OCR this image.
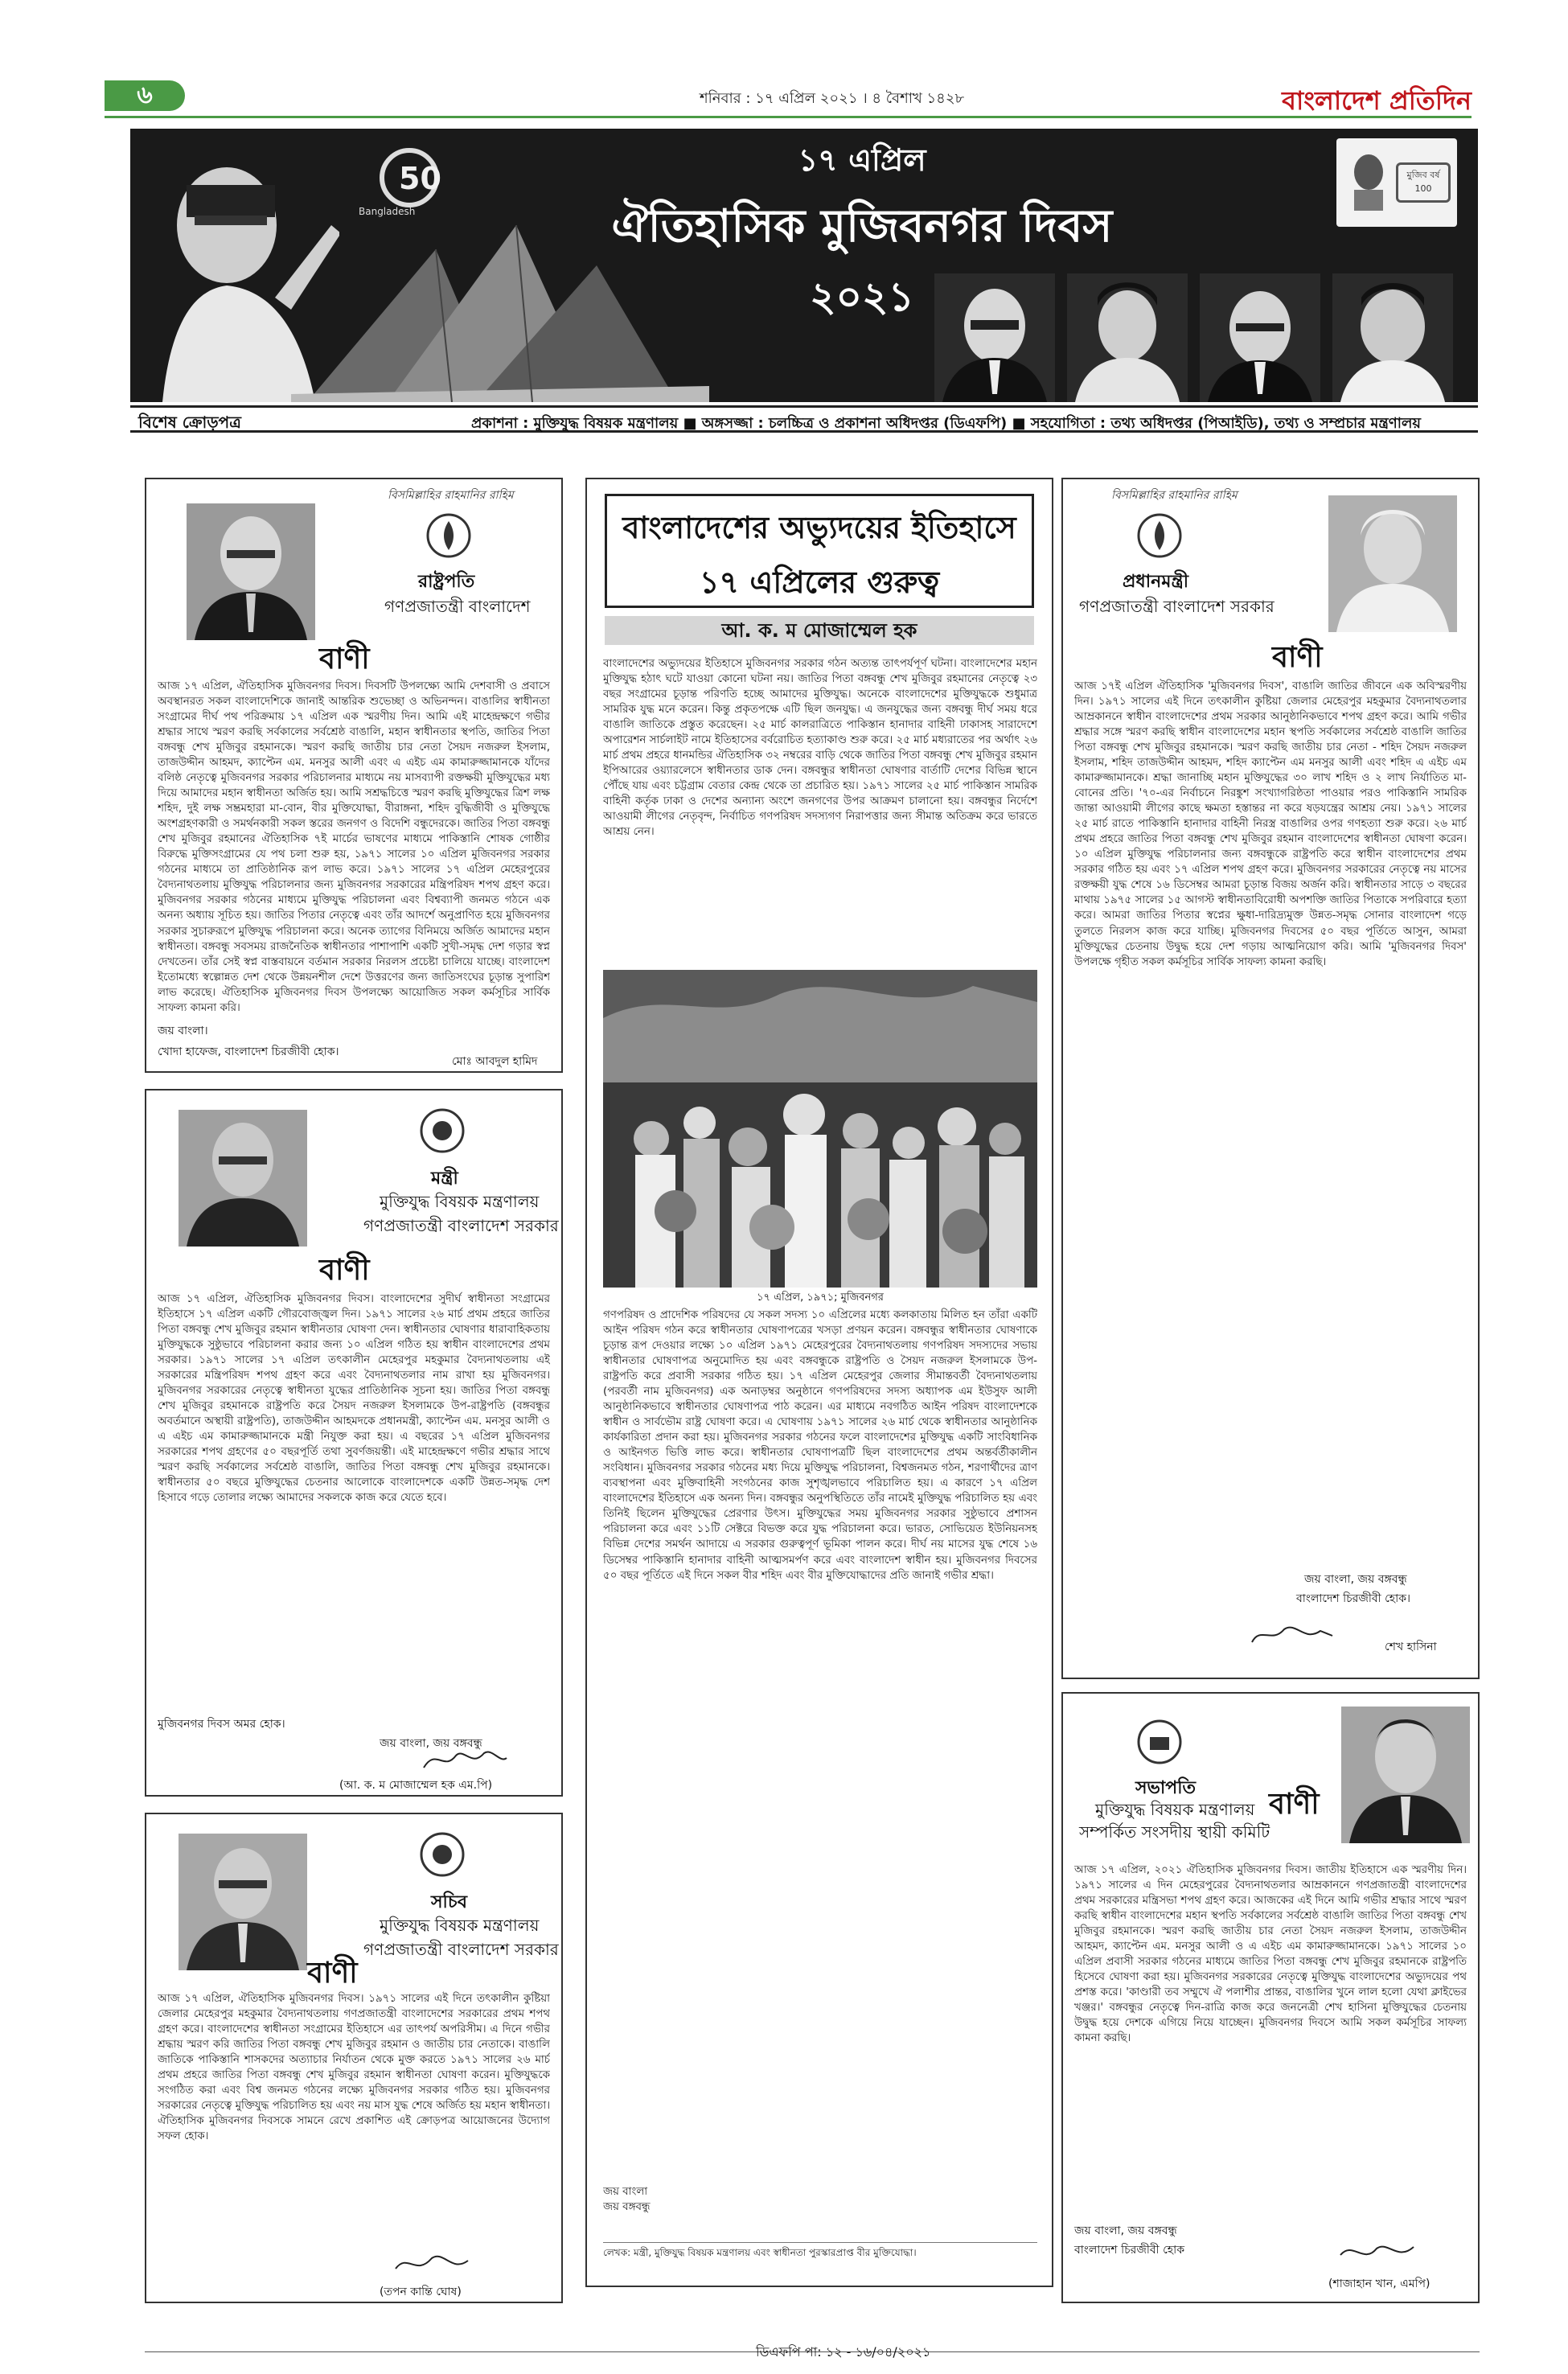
৬	শনিবার : ১৭ এপ্রিল ২০২১ । ৪ বৈশাখ ১৪২৮	বাংলাদেশ প্রতিদিন
50
Bangladesh
১৭ এপ্রিল
ঐতিহাসিক মুজিবনগর দিবস
২০২১
মুজিব বর্ষ 100
বিশেষ ক্রোড়পত্র	প্রকাশনা : মুক্তিযুদ্ধ বিষয়ক মন্ত্রণালয় ■ অঙ্গসজ্জা : চলচ্চিত্র ও প্রকাশনা অধিদপ্তর (ডিএফপি) ■ সহযোগিতা : তথ্য অধিদপ্তর (পিআইডি), তথ্য ও সম্প্রচার মন্ত্রণালয়
বিসমিল্লাহির রাহমানির রাহিম
রাষ্ট্রপতি
গণপ্রজাতন্ত্রী বাংলাদেশ
বাণী
আজ ১৭ এপ্রিল, ঐতিহাসিক মুজিবনগর দিবস। দিবসটি উপলক্ষ্যে আমি দেশবাসী ও প্রবাসে অবস্থানরত সকল বাংলাদেশিকে জানাই আন্তরিক শুভেচ্ছা ও অভিনন্দন। বাঙালির স্বাধীনতা সংগ্রামের দীর্ঘ পথ পরিক্রমায় ১৭ এপ্রিল এক স্মরণীয় দিন। আমি এই মাহেন্দ্রক্ষণে গভীর শ্রদ্ধার সাথে স্মরণ করছি সর্বকালের সর্বশ্রেষ্ঠ বাঙালি, মহান স্বাধীনতার স্থপতি, জাতির পিতা বঙ্গবন্ধু শেখ মুজিবুর রহমানকে। স্মরণ করছি জাতীয় চার নেতা সৈয়দ নজরুল ইসলাম, তাজউদ্দীন আহমদ, ক্যাপ্টেন এম. মনসুর আলী এবং এ এইচ এম কামারুজ্জামানকে যাঁদের বলিষ্ঠ নেতৃত্বে মুজিবনগর সরকার পরিচালনার মাধ্যমে নয় মাসব্যাপী রক্তক্ষয়ী মুক্তিযুদ্ধের মধ্য দিয়ে আমাদের মহান স্বাধীনতা অর্জিত হয়। আমি সশ্রদ্ধচিত্তে স্মরণ করছি মুক্তিযুদ্ধের ত্রিশ লক্ষ শহিদ, দুই লক্ষ সম্ভ্রমহারা মা-বোন, বীর মুক্তিযোদ্ধা, বীরাঙ্গনা, শহিদ বুদ্ধিজীবী ও মুক্তিযুদ্ধে অংশগ্রহণকারী ও সমর্থনকারী সকল স্তরের জনগণ ও বিদেশি বন্ধুদেরকে। জাতির পিতা বঙ্গবন্ধু শেখ মুজিবুর রহমানের ঐতিহাসিক ৭ই মার্চের ভাষণের মাধ্যমে পাকিস্তানি শোষক গোষ্ঠীর বিরুদ্ধে মুক্তিসংগ্রামের যে পথ চলা শুরু হয়, ১৯৭১ সালের ১০ এপ্রিল মুজিবনগর সরকার গঠনের মাধ্যমে তা প্রাতিষ্ঠানিক রূপ লাভ করে। ১৯৭১ সালের ১৭ এপ্রিল মেহেরপুরের বৈদ্যনাথতলায় মুক্তিযুদ্ধ পরিচালনার জন্য মুজিবনগর সরকারের মন্ত্রিপরিষদ শপথ গ্রহণ করে। মুজিবনগর সরকার গঠনের মাধ্যমে মুক্তিযুদ্ধ পরিচালনা এবং বিশ্বব্যাপী জনমত গঠনে এক অনন্য অধ্যায় সূচিত হয়। জাতির পিতার নেতৃত্বে এবং তাঁর আদর্শে অনুপ্রাণিত হয়ে মুজিবনগর সরকার সুচারুরূপে মুক্তিযুদ্ধ পরিচালনা করে। অনেক ত্যাগের বিনিময়ে অর্জিত আমাদের মহান স্বাধীনতা। বঙ্গবন্ধু সবসময় রাজনৈতিক স্বাধীনতার পাশাপাশি একটি সুখী-সমৃদ্ধ দেশ গড়ার স্বপ্ন দেখতেন। তাঁর সেই স্বপ্ন বাস্তবায়নে বর্তমান সরকার নিরলস প্রচেষ্টা চালিয়ে যাচ্ছে। বাংলাদেশ ইতোমধ্যে স্বল্পোন্নত দেশ থেকে উন্নয়নশীল দেশে উত্তরণের জন্য জাতিসংঘের চূড়ান্ত সুপারিশ লাভ করেছে। ঐতিহাসিক মুজিবনগর দিবস উপলক্ষ্যে আয়োজিত সকল কর্মসূচির সার্বিক সাফল্য কামনা করি।
জয় বাংলা।
খোদা হাফেজ, বাংলাদেশ চিরজীবী হোক।
মোঃ আবদুল হামিদ
মন্ত্রী
মুক্তিযুদ্ধ বিষয়ক মন্ত্রণালয়
গণপ্রজাতন্ত্রী বাংলাদেশ সরকার
বাণী
আজ ১৭ এপ্রিল, ঐতিহাসিক মুজিবনগর দিবস। বাংলাদেশের সুদীর্ঘ স্বাধীনতা সংগ্রামের ইতিহাসে ১৭ এপ্রিল একটি গৌরবোজ্জ্বল দিন। ১৯৭১ সালের ২৬ মার্চ প্রথম প্রহরে জাতির পিতা বঙ্গবন্ধু শেখ মুজিবুর রহমান স্বাধীনতার ঘোষণা দেন। স্বাধীনতার ঘোষণার ধারাবাহিকতায় মুক্তিযুদ্ধকে সুষ্ঠুভাবে পরিচালনা করার জন্য ১০ এপ্রিল গঠিত হয় স্বাধীন বাংলাদেশের প্রথম সরকার। ১৯৭১ সালের ১৭ এপ্রিল তৎকালীন মেহেরপুর মহকুমার বৈদ্যনাথতলায় এই সরকারের মন্ত্রিপরিষদ শপথ গ্রহণ করে এবং বৈদ্যনাথতলার নাম রাখা হয় মুজিবনগর। মুজিবনগর সরকারের নেতৃত্বে স্বাধীনতা যুদ্ধের প্রাতিষ্ঠানিক সূচনা হয়। জাতির পিতা বঙ্গবন্ধু শেখ মুজিবুর রহমানকে রাষ্ট্রপতি করে সৈয়দ নজরুল ইসলামকে উপ-রাষ্ট্রপতি (বঙ্গবন্ধুর অবর্তমানে অস্থায়ী রাষ্ট্রপতি), তাজউদ্দীন আহমদকে প্রধানমন্ত্রী, ক্যাপ্টেন এম. মনসুর আলী ও এ এইচ এম কামারুজ্জামানকে মন্ত্রী নিযুক্ত করা হয়। এ বছরের ১৭ এপ্রিল মুজিবনগর সরকারের শপথ গ্রহণের ৫০ বছরপূর্তি তথা সুবর্ণজয়ন্তী। এই মাহেন্দ্রক্ষণে গভীর শ্রদ্ধার সাথে স্মরণ করছি সর্বকালের সর্বশ্রেষ্ঠ বাঙালি, জাতির পিতা বঙ্গবন্ধু শেখ মুজিবুর রহমানকে। স্বাধীনতার ৫০ বছরে মুক্তিযুদ্ধের চেতনার আলোকে বাংলাদেশকে একটি উন্নত-সমৃদ্ধ দেশ হিসাবে গড়ে তোলার লক্ষ্যে আমাদের সকলকে কাজ করে যেতে হবে।
মুজিবনগর দিবস অমর হোক।
জয় বাংলা, জয় বঙ্গবন্ধু
(আ. ক. ম মোজাম্মেল হক এম.পি)
সচিব
মুক্তিযুদ্ধ বিষয়ক মন্ত্রণালয়
গণপ্রজাতন্ত্রী বাংলাদেশ সরকার
বাণী
আজ ১৭ এপ্রিল, ঐতিহাসিক মুজিবনগর দিবস। ১৯৭১ সালের এই দিনে তৎকালীন কুষ্টিয়া জেলার মেহেরপুর মহকুমার বৈদ্যনাথতলায় গণপ্রজাতন্ত্রী বাংলাদেশের সরকারের প্রথম শপথ গ্রহণ করে। বাংলাদেশের স্বাধীনতা সংগ্রামের ইতিহাসে এর তাৎপর্য অপরিসীম। এ দিনে গভীর শ্রদ্ধায় স্মরণ করি জাতির পিতা বঙ্গবন্ধু শেখ মুজিবুর রহমান ও জাতীয় চার নেতাকে। বাঙালি জাতিকে পাকিস্তানি শাসকদের অত্যাচার নির্যাতন থেকে মুক্ত করতে ১৯৭১ সালের ২৬ মার্চ প্রথম প্রহরে জাতির পিতা বঙ্গবন্ধু শেখ মুজিবুর রহমান স্বাধীনতা ঘোষণা করেন। মুক্তিযুদ্ধকে সংগঠিত করা এবং বিশ্ব জনমত গঠনের লক্ষ্যে মুজিবনগর সরকার গঠিত হয়। মুজিবনগর সরকারের নেতৃত্বে মুক্তিযুদ্ধ পরিচালিত হয় এবং নয় মাস যুদ্ধ শেষে অর্জিত হয় মহান স্বাধীনতা। ঐতিহাসিক মুজিবনগর দিবসকে সামনে রেখে প্রকাশিত এই ক্রোড়পত্র আয়োজনের উদ্যোগ সফল হোক।
(তপন কান্তি ঘোষ)
বাংলাদেশের অভ্যুদয়ের ইতিহাসে
১৭ এপ্রিলের গুরুত্ব
আ. ক. ম মোজাম্মেল হক
বাংলাদেশের অভ্যুদয়ের ইতিহাসে মুজিবনগর সরকার গঠন অত্যন্ত তাৎপর্যপূর্ণ ঘটনা। বাংলাদেশের মহান মুক্তিযুদ্ধ হঠাৎ ঘটে যাওয়া কোনো ঘটনা নয়। জাতির পিতা বঙ্গবন্ধু শেখ মুজিবুর রহমানের নেতৃত্বে ২৩ বছর সংগ্রামের চূড়ান্ত পরিণতি হচ্ছে আমাদের মুক্তিযুদ্ধ। অনেকে বাংলাদেশের মুক্তিযুদ্ধকে শুধুমাত্র সামরিক যুদ্ধ মনে করেন। কিন্তু প্রকৃতপক্ষে এটি ছিল জনযুদ্ধ। এ জনযুদ্ধের জন্য বঙ্গবন্ধু দীর্ঘ সময় ধরে বাঙালি জাতিকে প্রস্তুত করেছেন। ২৫ মার্চ কালরাত্রিতে পাকিস্তান হানাদার বাহিনী ঢাকাসহ সারাদেশে অপারেশন সার্চলাইট নামে ইতিহাসের বর্বরোচিত হত্যাকাণ্ড শুরু করে। ২৫ মার্চ মধ্যরাতের পর অর্থাৎ ২৬ মার্চ প্রথম প্রহরে ধানমন্ডির ঐতিহাসিক ৩২ নম্বরের বাড়ি থেকে জাতির পিতা বঙ্গবন্ধু শেখ মুজিবুর রহমান ইপিআরের ওয়্যারলেসে স্বাধীনতার ডাক দেন। বঙ্গবন্ধুর স্বাধীনতা ঘোষণার বার্তাটি দেশের বিভিন্ন স্থানে পৌঁছে যায় এবং চট্টগ্রাম বেতার কেন্দ্র থেকে তা প্রচারিত হয়। ১৯৭১ সালের ২৫ মার্চ পাকিস্তান সামরিক বাহিনী কর্তৃক ঢাকা ও দেশের অন্যান্য অংশে জনগণের উপর আক্রমণ চালানো হয়। বঙ্গবন্ধুর নির্দেশে আওয়ামী লীগের নেতৃবৃন্দ, নির্বাচিত গণপরিষদ সদস্যগণ নিরাপত্তার জন্য সীমান্ত অতিক্রম করে ভারতে আশ্রয় নেন।
১৭ এপ্রিল, ১৯৭১; মুজিবনগর
গণপরিষদ ও প্রাদেশিক পরিষদের যে সকল সদস্য ১০ এপ্রিলের মধ্যে কলকাতায় মিলিত হন তাঁরা একটি আইন পরিষদ গঠন করে স্বাধীনতার ঘোষণাপত্রের খসড়া প্রণয়ন করেন। বঙ্গবন্ধুর স্বাধীনতার ঘোষণাকে চূড়ান্ত রূপ দেওয়ার লক্ষ্যে ১০ এপ্রিল ১৯৭১ মেহেরপুরের বৈদ্যনাথতলায় গণপরিষদ সদস্যদের সভায় স্বাধীনতার ঘোষণাপত্র অনুমোদিত হয় এবং বঙ্গবন্ধুকে রাষ্ট্রপতি ও সৈয়দ নজরুল ইসলামকে উপ-রাষ্ট্রপতি করে প্রবাসী সরকার গঠিত হয়। ১৭ এপ্রিল মেহেরপুর জেলার সীমান্তবর্তী বৈদ্যনাথতলায় (পরবর্তী নাম মুজিবনগর) এক অনাড়ম্বর অনুষ্ঠানে গণপরিষদের সদস্য অধ্যাপক এম ইউসুফ আলী আনুষ্ঠানিকভাবে স্বাধীনতার ঘোষণাপত্র পাঠ করেন। এর মাধ্যমে নবগঠিত আইন পরিষদ বাংলাদেশকে স্বাধীন ও সার্বভৌম রাষ্ট্র ঘোষণা করে। এ ঘোষণায় ১৯৭১ সালের ২৬ মার্চ থেকে স্বাধীনতার আনুষ্ঠানিক কার্যকারিতা প্রদান করা হয়। মুজিবনগর সরকার গঠনের ফলে বাংলাদেশের মুক্তিযুদ্ধ একটি সাংবিধানিক ও আইনগত ভিত্তি লাভ করে। স্বাধীনতার ঘোষণাপত্রটি ছিল বাংলাদেশের প্রথম অন্তর্বর্তীকালীন সংবিধান। মুজিবনগর সরকার গঠনের মধ্য দিয়ে মুক্তিযুদ্ধ পরিচালনা, বিশ্বজনমত গঠন, শরণার্থীদের ত্রাণ ব্যবস্থাপনা এবং মুক্তিবাহিনী সংগঠনের কাজ সুশৃঙ্খলভাবে পরিচালিত হয়। এ কারণে ১৭ এপ্রিল বাংলাদেশের ইতিহাসে এক অনন্য দিন। বঙ্গবন্ধুর অনুপস্থিতিতে তাঁর নামেই মুক্তিযুদ্ধ পরিচালিত হয় এবং তিনিই ছিলেন মুক্তিযুদ্ধের প্রেরণার উৎস। মুক্তিযুদ্ধের সময় মুজিবনগর সরকার সুষ্ঠুভাবে প্রশাসন পরিচালনা করে এবং ১১টি সেক্টরে বিভক্ত করে যুদ্ধ পরিচালনা করে। ভারত, সোভিয়েত ইউনিয়নসহ বিভিন্ন দেশের সমর্থন আদায়ে এ সরকার গুরুত্বপূর্ণ ভূমিকা পালন করে। দীর্ঘ নয় মাসের যুদ্ধ শেষে ১৬ ডিসেম্বর পাকিস্তানি হানাদার বাহিনী আত্মসমর্পণ করে এবং বাংলাদেশ স্বাধীন হয়। মুজিবনগর দিবসের ৫০ বছর পূর্তিতে এই দিনে সকল বীর শহিদ এবং বীর মুক্তিযোদ্ধাদের প্রতি জানাই গভীর শ্রদ্ধা।
জয় বাংলা
জয় বঙ্গবন্ধু
লেখক: মন্ত্রী, মুক্তিযুদ্ধ বিষয়ক মন্ত্রণালয় এবং স্বাধীনতা পুরস্কারপ্রাপ্ত বীর মুক্তিযোদ্ধা।
বিসমিল্লাহির রাহমানির রাহিম
প্রধানমন্ত্রী
গণপ্রজাতন্ত্রী বাংলাদেশ সরকার
বাণী
আজ ১৭ই এপ্রিল ঐতিহাসিক 'মুজিবনগর দিবস', বাঙালি জাতির জীবনে এক অবিস্মরণীয় দিন। ১৯৭১ সালের এই দিনে তৎকালীন কুষ্টিয়া জেলার মেহেরপুর মহকুমার বৈদ্যনাথতলার আম্রকাননে স্বাধীন বাংলাদেশের প্রথম সরকার আনুষ্ঠানিকভাবে শপথ গ্রহণ করে। আমি গভীর শ্রদ্ধার সঙ্গে স্মরণ করছি স্বাধীন বাংলাদেশের মহান স্থপতি সর্বকালের সর্বশ্রেষ্ঠ বাঙালি জাতির পিতা বঙ্গবন্ধু শেখ মুজিবুর রহমানকে। স্মরণ করছি জাতীয় চার নেতা - শহিদ সৈয়দ নজরুল ইসলাম, শহিদ তাজউদ্দীন আহমদ, শহিদ ক্যাপ্টেন এম মনসুর আলী এবং শহিদ এ এইচ এম কামারুজ্জামানকে। শ্রদ্ধা জানাচ্ছি মহান মুক্তিযুদ্ধের ৩০ লাখ শহিদ ও ২ লাখ নির্যাতিত মা-বোনের প্রতি। '৭০-এর নির্বাচনে নিরঙ্কুশ সংখ্যাগরিষ্ঠতা পাওয়ার পরও পাকিস্তানি সামরিক জান্তা আওয়ামী লীগের কাছে ক্ষমতা হস্তান্তর না করে ষড়যন্ত্রের আশ্রয় নেয়। ১৯৭১ সালের ২৫ মার্চ রাতে পাকিস্তানি হানাদার বাহিনী নিরস্ত্র বাঙালির ওপর গণহত্যা শুরু করে। ২৬ মার্চ প্রথম প্রহরে জাতির পিতা বঙ্গবন্ধু শেখ মুজিবুর রহমান বাংলাদেশের স্বাধীনতা ঘোষণা করেন। ১০ এপ্রিল মুক্তিযুদ্ধ পরিচালনার জন্য বঙ্গবন্ধুকে রাষ্ট্রপতি করে স্বাধীন বাংলাদেশের প্রথম সরকার গঠিত হয় এবং ১৭ এপ্রিল শপথ গ্রহণ করে। মুজিবনগর সরকারের নেতৃত্বে নয় মাসের রক্তক্ষয়ী যুদ্ধ শেষে ১৬ ডিসেম্বর আমরা চূড়ান্ত বিজয় অর্জন করি। স্বাধীনতার সাড়ে ৩ বছরের মাথায় ১৯৭৫ সালের ১৫ আগস্ট স্বাধীনতাবিরোধী অপশক্তি জাতির পিতাকে সপরিবারে হত্যা করে। আমরা জাতির পিতার স্বপ্নের ক্ষুধা-দারিদ্র্যমুক্ত উন্নত-সমৃদ্ধ সোনার বাংলাদেশ গড়ে তুলতে নিরলস কাজ করে যাচ্ছি। মুজিবনগর দিবসের ৫০ বছর পূর্তিতে আসুন, আমরা মুক্তিযুদ্ধের চেতনায় উদ্বুদ্ধ হয়ে দেশ গড়ায় আত্মনিয়োগ করি। আমি 'মুজিবনগর দিবস' উপলক্ষে গৃহীত সকল কর্মসূচির সার্বিক সাফল্য কামনা করছি।
জয় বাংলা, জয় বঙ্গবন্ধু
বাংলাদেশ চিরজীবী হোক।
শেখ হাসিনা
সভাপতি
মুক্তিযুদ্ধ বিষয়ক মন্ত্রণালয়
সম্পর্কিত সংসদীয় স্থায়ী কমিটি
বাণী
আজ ১৭ এপ্রিল, ২০২১ ঐতিহাসিক মুজিবনগর দিবস। জাতীয় ইতিহাসে এক স্মরণীয় দিন। ১৯৭১ সালের এ দিন মেহেরপুরের বৈদ্যনাথতলার আম্রকাননে গণপ্রজাতন্ত্রী বাংলাদেশের প্রথম সরকারের মন্ত্রিসভা শপথ গ্রহণ করে। আজকের এই দিনে আমি গভীর শ্রদ্ধার সাথে স্মরণ করছি স্বাধীন বাংলাদেশের মহান স্থপতি সর্বকালের সর্বশ্রেষ্ঠ বাঙালি জাতির পিতা বঙ্গবন্ধু শেখ মুজিবুর রহমানকে। স্মরণ করছি জাতীয় চার নেতা সৈয়দ নজরুল ইসলাম, তাজউদ্দীন আহমদ, ক্যাপ্টেন এম. মনসুর আলী ও এ এইচ এম কামারুজ্জামানকে। ১৯৭১ সালের ১০ এপ্রিল প্রবাসী সরকার গঠনের মাধ্যমে জাতির পিতা বঙ্গবন্ধু শেখ মুজিবুর রহমানকে রাষ্ট্রপতি হিসেবে ঘোষণা করা হয়। মুজিবনগর সরকারের নেতৃত্বে মুক্তিযুদ্ধ বাংলাদেশের অভ্যুদয়ের পথ প্রশস্ত করে। 'কাণ্ডারী তব সম্মুখে ঐ পলাশীর প্রান্তর, বাঙালির খুনে লাল হলো যেথা ক্লাইভের খঞ্জর।' বঙ্গবন্ধুর নেতৃত্বে দিন-রাত্রি কাজ করে জননেত্রী শেখ হাসিনা মুক্তিযুদ্ধের চেতনায় উদ্বুদ্ধ হয়ে দেশকে এগিয়ে নিয়ে যাচ্ছেন। মুজিবনগর দিবসে আমি সকল কর্মসূচির সাফল্য কামনা করছি।
জয় বাংলা, জয় বঙ্গবন্ধু
বাংলাদেশ চিরজীবী হোক
(শাজাহান খান, এমপি)
ডিএফপি পা: ১২ - ১৬/০৪/২০২১
